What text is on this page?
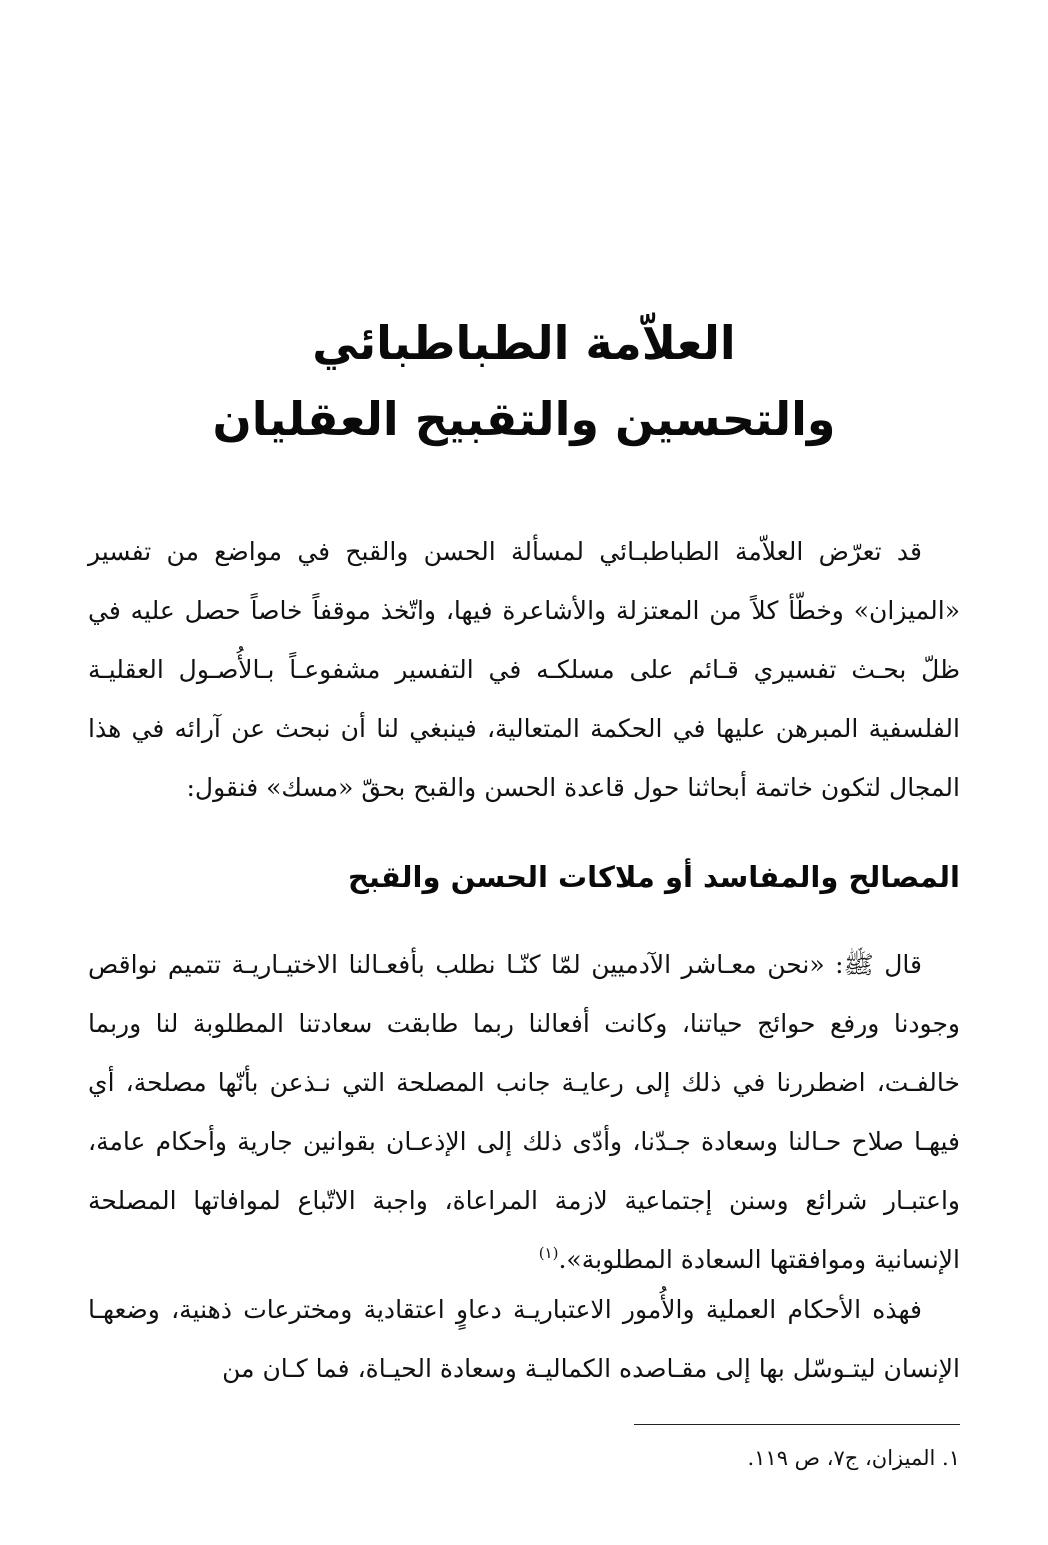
العلاّمة الطباطبائي

والتحسين والتقبيح العقليان

قد تعرّض العلاّمة الطباطبـائي لمسألة الحسن والقبح في مواضع من تفسير «الميزان» وخطّأ كلاً من المعتزلة والأشاعرة فيها، واتّخذ موقفاً خاصاً حصل عليه في ظلّ بحـث تفسيري قـائم على مسلكـه في التفسير مشفوعـاً بـالأُصـول العقليـة الفلسفية المبرهن عليها في الحكمة المتعالية، فينبغي لنا أن نبحث عن آرائه في هذا المجال لتكون خاتمة أبحاثنا حول قاعدة الحسن والقبح بحقّ «مسك» فنقول:

المصالح والمفاسد أو ملاكات الحسن والقبح

قال ﷺ: «نحن معـاشر الآدميين لمّا كنّـا نطلب بأفعـالنا الاختيـاريـة تتميم نواقص وجودنا ورفع حوائج حياتنا، وكانت أفعالنا ربما طابقت سعادتنا المطلوبة لنا وربما خالفـت، اضطررنا في ذلك إلى رعايـة جانب المصلحة التي نـذعن بأنّها مصلحة، أي فيهـا صلاح حـالنا وسعادة جـدّنا، وأدّى ذلك إلى الإذعـان بقوانين جارية وأحكام عامة، واعتبـار شرائع وسنن إجتماعية لازمة المراعاة، واجبة الاتّباع لموافاتها المصلحة الإنسانية وموافقتها السعادة المطلوبة».$^{(١)}$

فهذه الأحكام العملية والأُمور الاعتباريـة دعاوٍ اعتقادية ومخترعات ذهنية، وضعهـا الإنسان ليتـوسّل بها إلى مقـاصده الكماليـة وسعادة الحيـاة، فما كـان من

١. الميزان، ج٧، ص ١١٩.
